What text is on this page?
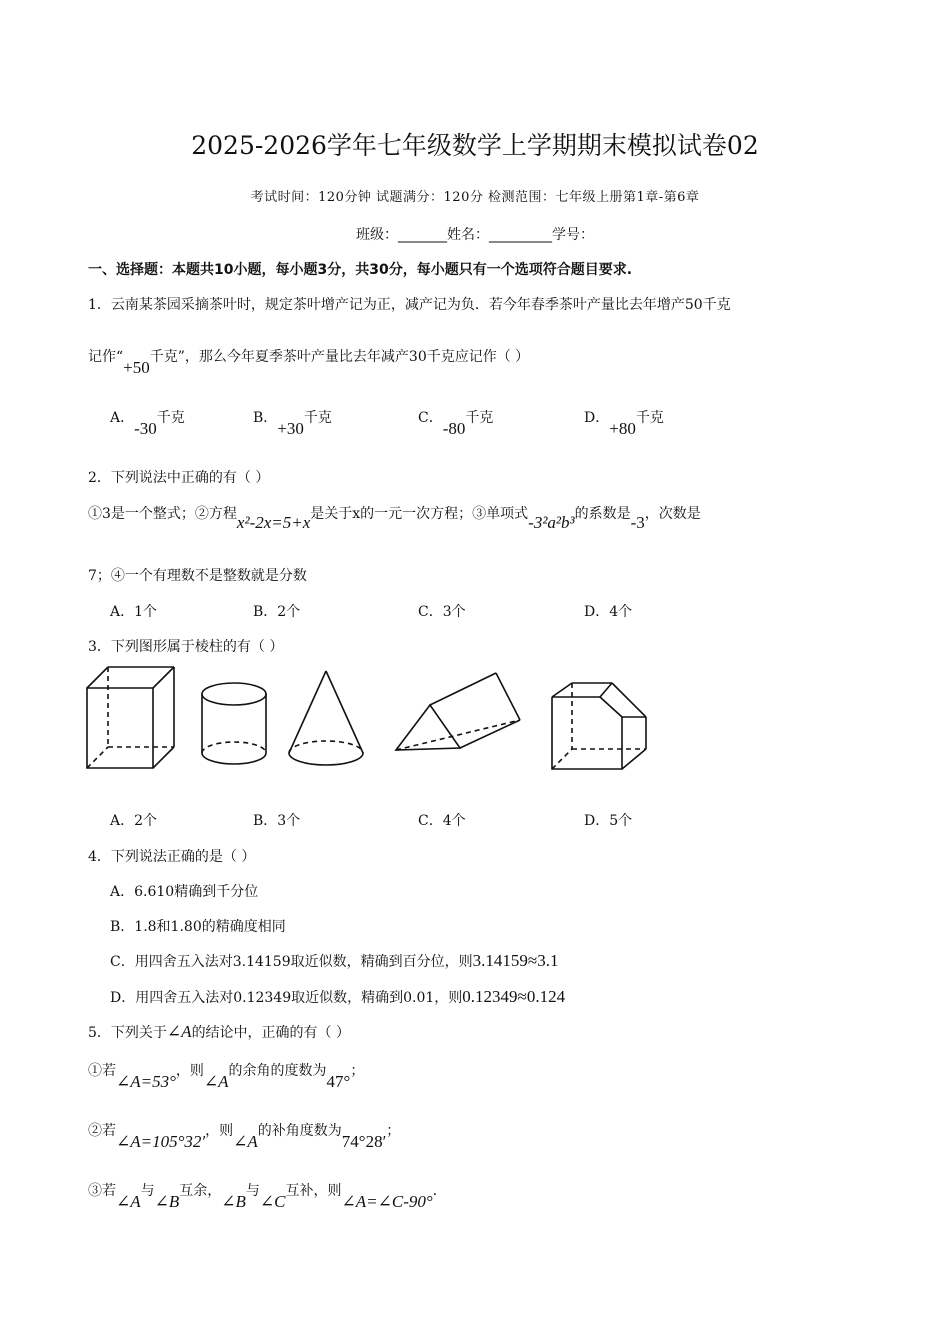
2025-2026学年七年级数学上学期期末模拟试卷02
考试时间：120分钟 试题满分：120分 检测范围：七年级上册第1章-第6章
班级：_______姓名：_________学号：
一、选择题：本题共10小题，每小题3分，共30分，每小题只有一个选项符合题目要求.
1．云南某茶园采摘茶叶时，规定茶叶增产记为正，减产记为负．若今年春季茶叶产量比去年增产50千克
记作“+50千克”，那么今年夏季茶叶产量比去年减产30千克应记作（ ）
A．-30千克	B．+30千克	C．-80千克	D．+80千克
2．下列说法中正确的有（ ）
①3是一个整式；②方程x²-2x=5+x是关于x的一元一次方程；③单项式-3²a²b³的系数是-3，次数是
7；④一个有理数不是整数就是分数
A．1个	B．2个	C．3个	D．4个
3．下列图形属于棱柱的有（ ）
A．2个	B．3个	C．4个	D．5个
4．下列说法正确的是（ ）
A．6.610精确到千分位
B．1.8和1.80的精确度相同
C．用四舍五入法对3.14159取近似数，精确到百分位，则3.14159≈3.1
D．用四舍五入法对0.12349取近似数，精确到0.01，则0.12349≈0.124
5．下列关于∠A的结论中，正确的有（ ）
①若∠A=53°，则∠A的余角的度数为47°；
②若∠A=105°32′，则∠A的补角度数为74°28′；
③若∠A与∠B互余，∠B与∠C互补，则∠A=∠C-90°.
